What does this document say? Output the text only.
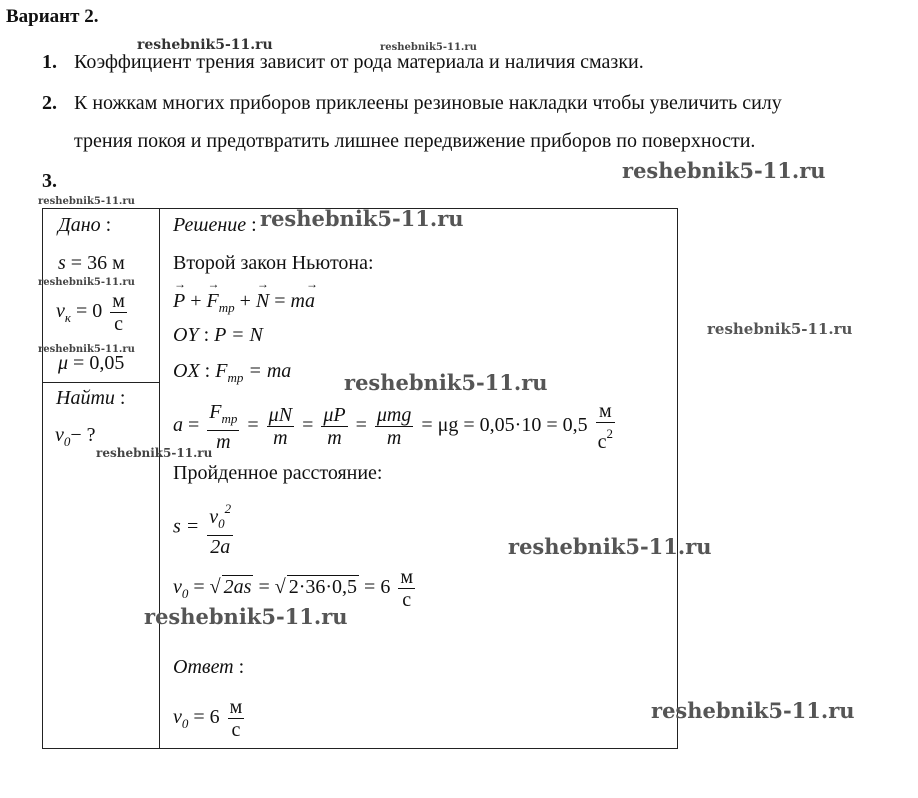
Вариант 2.
1. Коэффициент трения зависит от рода материала и наличия смазки.
2. К ножкам многих приборов приклеены резиновые накладки чтобы увеличить силу
трения покоя и предотвратить лишнее передвижение приборов по поверхности.
3.
Дано :
s = 36 м
$v_к = 0 \frac{м}{с}$
μ = 0,05
Найти :
$v_0-$ ?
Решение :
Второй закон Ньютона:
→ P + → $F_{тр}$ + → N = m→ a
OY : P = N
OX : $F_{тр}$ = ma
$a = \frac{F_{тр}}{m} = \frac{\mu N}{m} = \frac{\mu P}{m} = \frac{\text{μmg}}{m} = \mu g = 0,05\cdot 10 = 0,5 \frac{м}{с^2}$
Пройденное расстояние:
$s = \frac{v_0^2}{2a}$
$v_0$ = √ 2as = √ $2\cdot 36\cdot 0,5 = 6 \frac{м}{с}$
Ответ :
$v_0 = 6 \frac{м}{с}$
reshebnik5-11.ru	reshebnik5-11.ru
reshebnik5-11.ru
reshebnik5-11.ru
reshebnik5-11.ru
reshebnik5-11.ru
reshebnik5-11.ru
reshebnik5-11.ru
reshebnik5-11.ru
reshebnik5-11.ru
reshebnik5-11.ru
reshebnik5-11.ru
reshebnik5-11.ru
